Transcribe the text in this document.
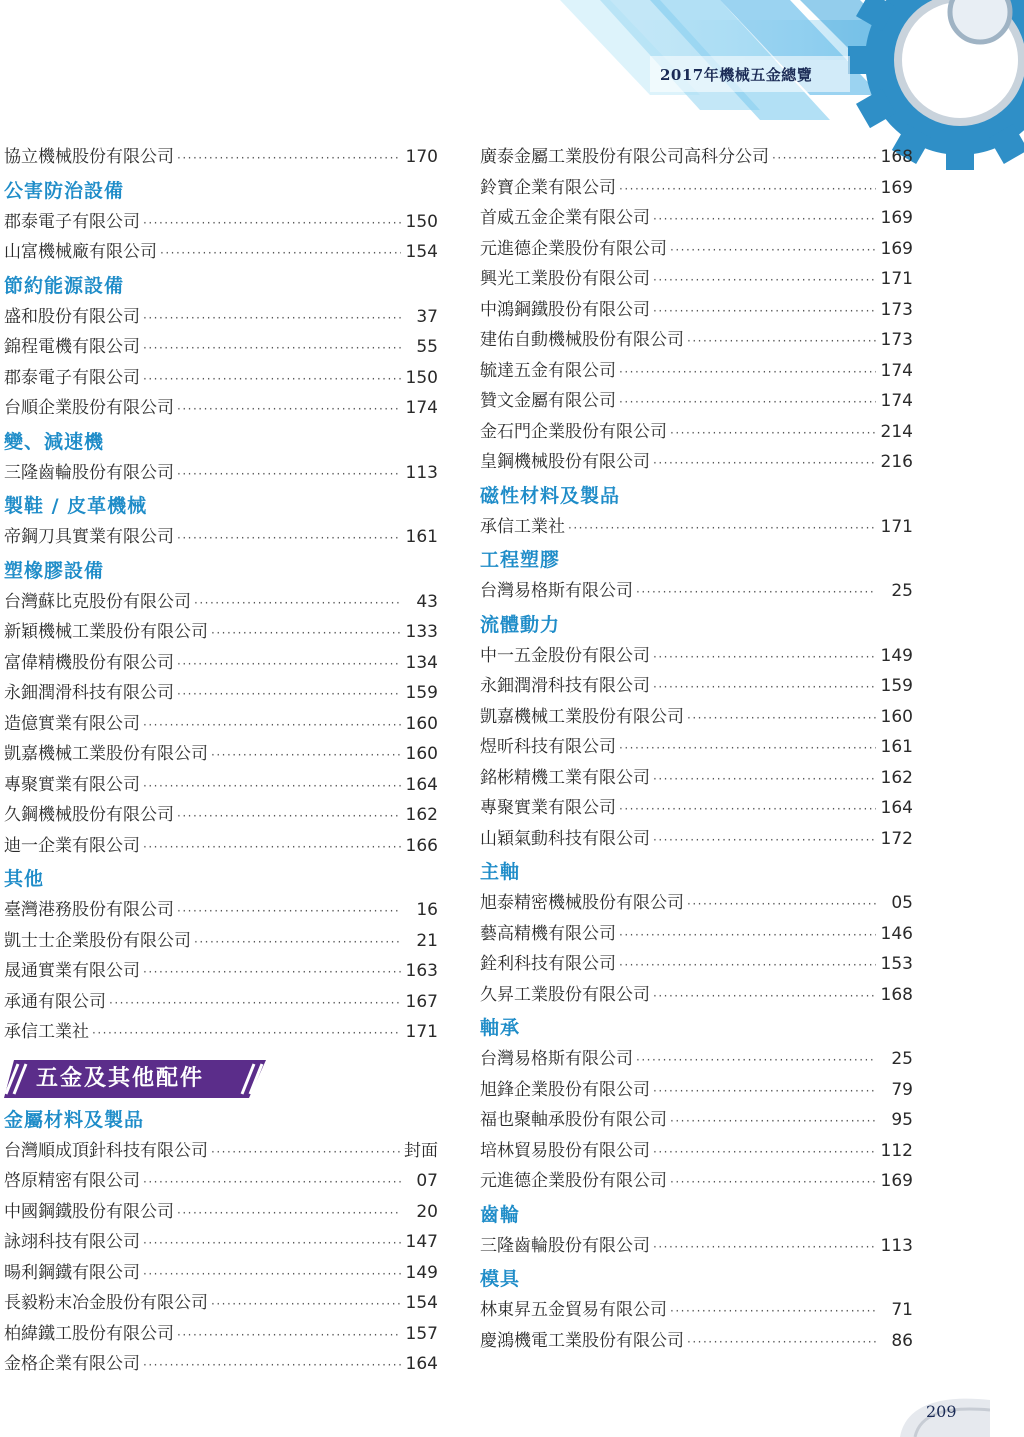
2017年機械五金總覽
協立機械股份有限公司 ·····	170
公害防治設備
郡泰電子有限公司 ·····	150
山富機械廠有限公司 ·····	154
節約能源設備
盛和股份有限公司 ·····	37
錦程電機有限公司 ·····	55
郡泰電子有限公司 ·····	150
台順企業股份有限公司 ·····	174
變、減速機
三隆齒輪股份有限公司 ·····	113
製鞋 / 皮革機械
帝鋼刀具實業有限公司 ·····	161
塑橡膠設備
台灣蘇比克股份有限公司 ·····	43
新穎機械工業股份有限公司 ·····	133
富偉精機股份有限公司 ·····	134
永鈿潤滑科技有限公司 ·····	159
造億實業有限公司 ·····	160
凱嘉機械工業股份有限公司 ·····	160
專聚實業有限公司 ·····	164
久鋼機械股份有限公司 ·····	162
迪一企業有限公司 ·····	166
其他
臺灣港務股份有限公司 ·····	16
凱士士企業股份有限公司 ·····	21
晟通實業有限公司 ·····	163
承通有限公司 ·····	167
承信工業社 ·····	171
五金及其他配件
金屬材料及製品
台灣順成頂針科技有限公司 ·····	封面
啓原精密有限公司 ·····	07
中國鋼鐵股份有限公司 ·····	20
詠翊科技有限公司 ·····	147
暘利鋼鐵有限公司 ·····	149
長毅粉末冶金股份有限公司 ·····	154
柏緯鐵工股份有限公司 ·····	157
金格企業有限公司 ·····	164
廣泰金屬工業股份有限公司高科分公司 ·····	168
鈴寶企業有限公司 ·····	169
首威五金企業有限公司 ·····	169
元進德企業股份有限公司 ·····	169
興光工業股份有限公司 ·····	171
中鴻鋼鐵股份有限公司 ·····	173
建佑自動機械股份有限公司 ·····	173
毓達五金有限公司 ·····	174
贊文金屬有限公司 ·····	174
金石門企業股份有限公司 ·····	214
皇鋼機械股份有限公司 ·····	216
磁性材料及製品
承信工業社 ·····	171
工程塑膠
台灣易格斯有限公司 ·····	25
流體動力
中一五金股份有限公司 ·····	149
永鈿潤滑科技有限公司 ·····	159
凱嘉機械工業股份有限公司 ·····	160
煜昕科技有限公司 ·····	161
銘彬精機工業有限公司 ·····	162
專聚實業有限公司 ·····	164
山穎氣動科技有限公司 ·····	172
主軸
旭泰精密機械股份有限公司 ·····	05
藝高精機有限公司 ·····	146
銓利科技有限公司 ·····	153
久昇工業股份有限公司 ·····	168
軸承
台灣易格斯有限公司 ·····	25
旭鋒企業股份有限公司 ·····	79
福也聚軸承股份有限公司 ·····	95
培林貿易股份有限公司 ·····	112
元進德企業股份有限公司 ·····	169
齒輪
三隆齒輪股份有限公司 ·····	113
模具
林東昇五金貿易有限公司 ·····	71
慶鴻機電工業股份有限公司 ·····	86
209
